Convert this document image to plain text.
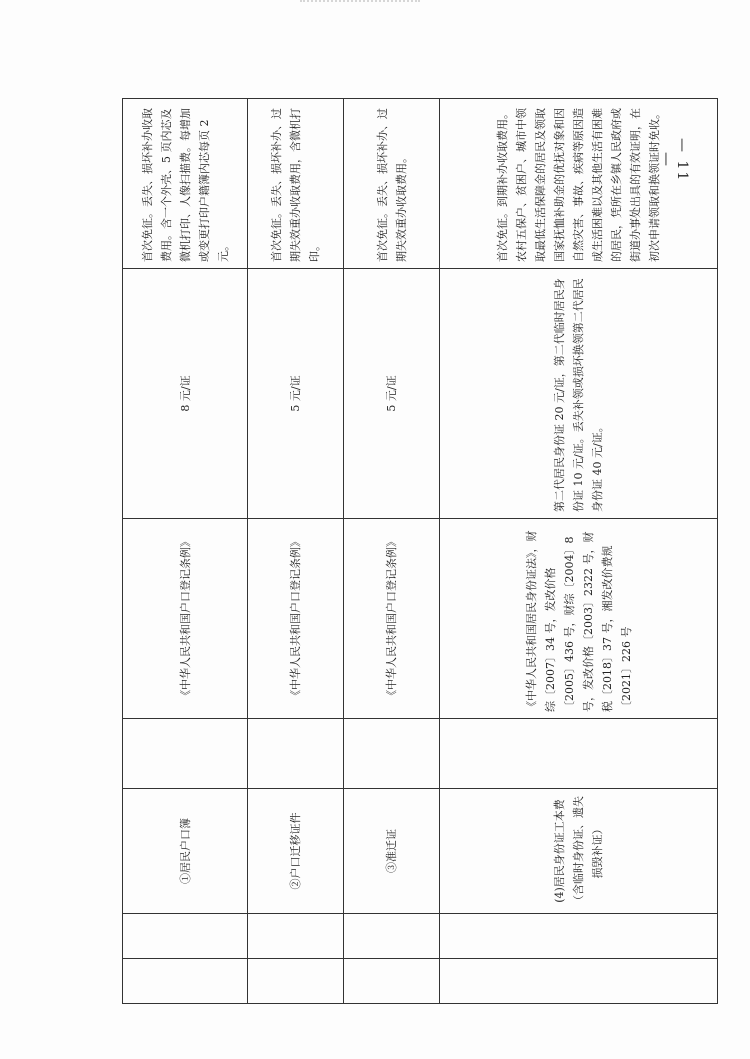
		①居民户口簿		《中华人民共和国户口登记条例》	8 元/证	首次免征。丢失、损坏补办收取费用。含一个外壳、5 页内芯及微机打印、人像扫描费。每增加或变更打印户籍簿内芯每页 2 元。
		②户口迁移证件		《中华人民共和国户口登记条例》	5 元/证	首次免征。丢失、损坏补办、过期失效重办收取费用，含微机打印。
		③准迁证		《中华人民共和国户口登记条例》	5 元/证	首次免征。丢失、损坏补办、过期失效重办收取费用。
		(4)居民身份证工本费（含临时身份证、遗失损毁补证）		《中华人民共和国居民身份证法》，财综〔2007〕34 号，发改价格〔2005〕436 号，财综〔2004〕8 号，发改价格〔2003〕2322 号，财税〔2018〕37 号，湘发改价费规〔2021〕226 号	第二代居民身份证 20 元/证，第二代临时居民身份证 10 元/证。丢失补领或损坏换领第二代居民身份证 40 元/证。	首次免征。到期补办收取费用。农村五保户、贫困户、城市中领取最低生活保障金的居民及领取国家抚恤补助金的优抚对象和因自然灾害、事故、疾病等原因造成生活困难以及其他生活有困难的居民，凭所在乡镇人民政府或街道办事处出具的有效证明，在初次申请领取和换领证时免收。 — 11 —
